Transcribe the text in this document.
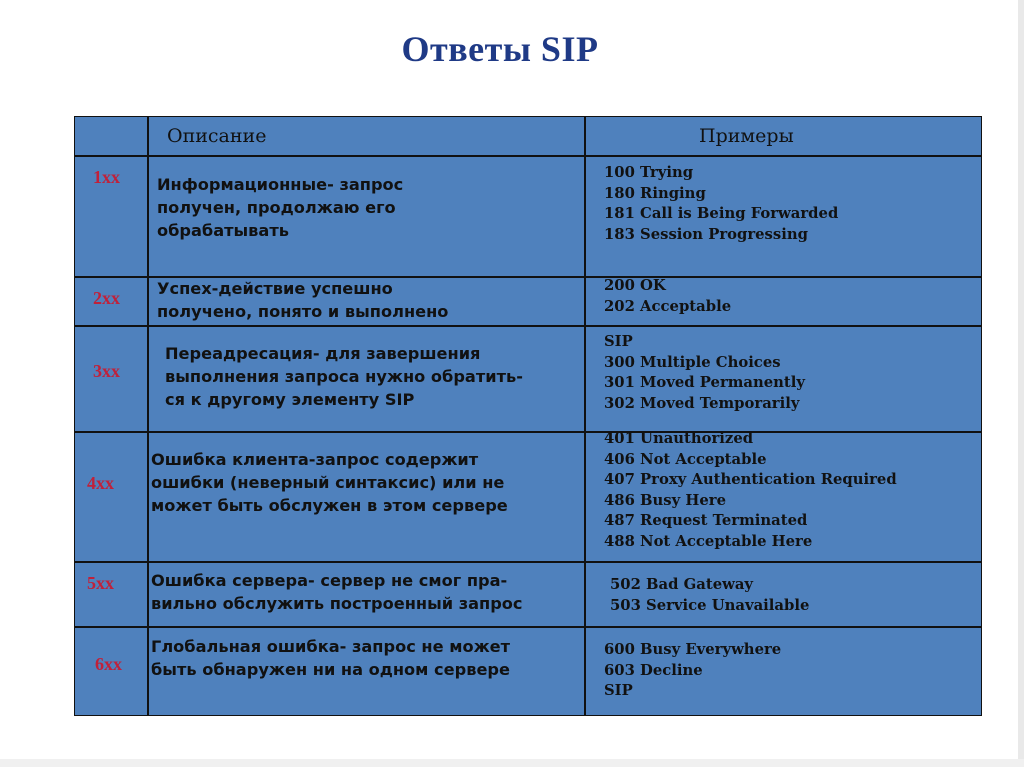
Ответы SIP
Описание	Примеры
1xx Информационные- запрос
получен, продолжаю его
обрабатывать
100 Trying
180 Ringing
181 Call is Being Forwarded
183 Session Progressing
2xx Успех-действие успешно
получено, понято и выполнено
200 OK
202 Acceptable
3xx
Переадресация- для завершения
выполнения запроса нужно обратить-
ся к другому элементу SIP
SIP
300 Multiple Choices
301 Moved Permanently
302 Moved Temporarily
4xx
Ошибка клиента-запрос содержит
ошибки (неверный синтаксис) или не
может быть обслужен в этом сервере
401 Unauthorized
406 Not Acceptable
407 Proxy Authentication Required
486 Busy Here
487 Request Terminated
488 Not Acceptable Here
5xx Ошибка сервера- сервер не смог пра-
вильно обслужить построенный запрос
502 Bad Gateway
503 Service Unavailable
6xx
Глобальная ошибка- запрос не может
быть обнаружен ни на одном сервере
600 Busy Everywhere
603 Decline
SIP
